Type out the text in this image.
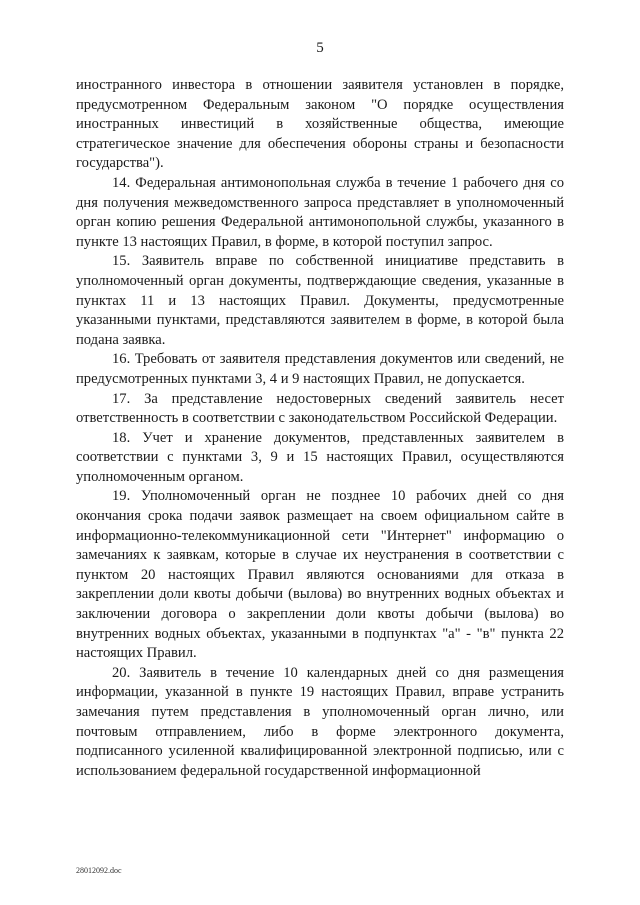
5

иностранного инвестора в отношении заявителя установлен в порядке, предусмотренном Федеральным законом "О порядке осуществления иностранных инвестиций в хозяйственные общества, имеющие стратегическое значение для обеспечения обороны страны и безопасности государства").

14. Федеральная антимонопольная служба в течение 1 рабочего дня со дня получения межведомственного запроса представляет в уполномоченный орган копию решения Федеральной антимонопольной службы, указанного в пункте 13 настоящих Правил, в форме, в которой поступил запрос.

15. Заявитель вправе по собственной инициативе представить в уполномоченный орган документы, подтверждающие сведения, указанные в пунктах 11 и 13 настоящих Правил. Документы, предусмотренные указанными пунктами, представляются заявителем в форме, в которой была подана заявка.

16. Требовать от заявителя представления документов или сведений, не предусмотренных пунктами 3, 4 и 9 настоящих Правил, не допускается.

17. За представление недостоверных сведений заявитель несет ответственность в соответствии с законодательством Российской Федерации.

18. Учет и хранение документов, представленных заявителем в соответствии с пунктами 3, 9 и 15 настоящих Правил, осуществляются уполномоченным органом.

19. Уполномоченный орган не позднее 10 рабочих дней со дня окончания срока подачи заявок размещает на своем официальном сайте в информационно-телекоммуникационной сети "Интернет" информацию о замечаниях к заявкам, которые в случае их неустранения в соответствии с пунктом 20 настоящих Правил являются основаниями для отказа в закреплении доли квоты добычи (вылова) во внутренних водных объектах и заключении договора о закреплении доли квоты добычи (вылова) во внутренних водных объектах, указанными в подпунктах "а" - "в" пункта 22 настоящих Правил.

20. Заявитель в течение 10 календарных дней со дня размещения информации, указанной в пункте 19 настоящих Правил, вправе устранить замечания путем представления в уполномоченный орган лично, или почтовым отправлением, либо в форме электронного документа, подписанного усиленной квалифицированной электронной подписью, или с использованием федеральной государственной информационной

28012092.doc
